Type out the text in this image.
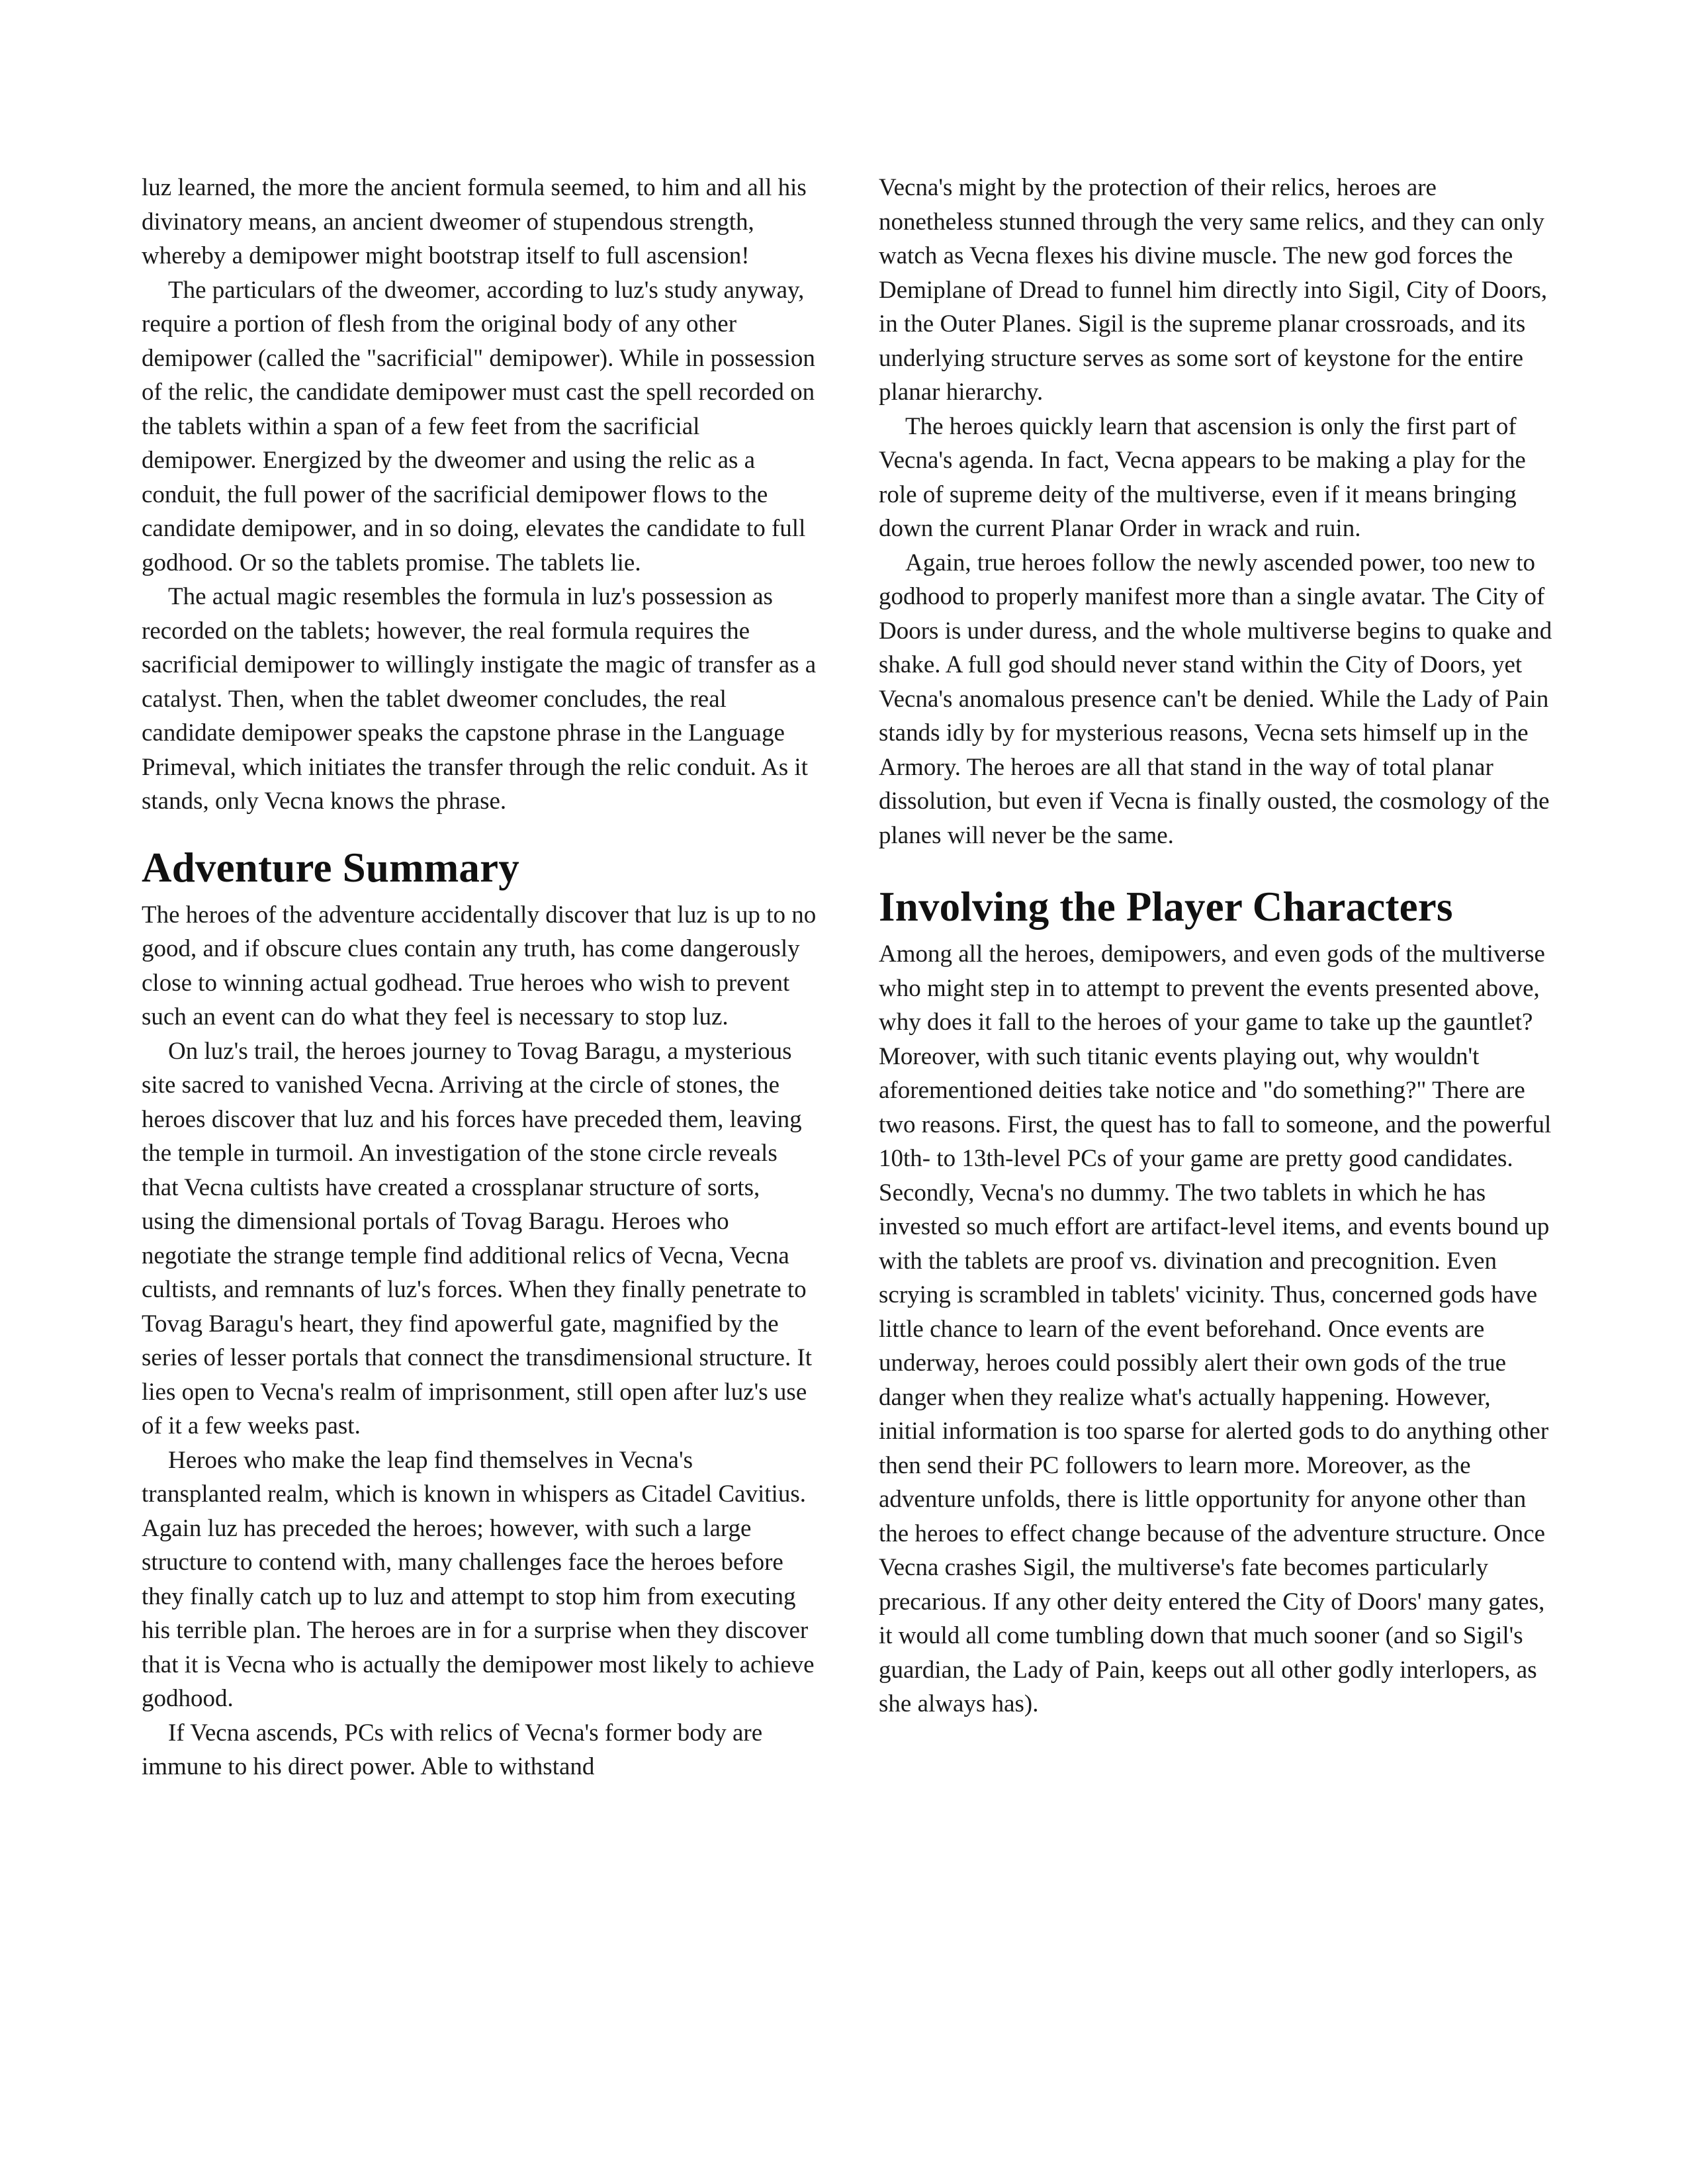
luz learned, the more the ancient formula seemed, to him and all his divinatory means, an ancient dweomer of stupendous strength, whereby a demipower might bootstrap itself to full ascension!

The particulars of the dweomer, according to luz's study anyway, require a portion of flesh from the original body of any other demipower (called the "sacrificial" demipower). While in possession of the relic, the candidate demipower must cast the spell recorded on the tablets within a span of a few feet from the sacrificial demipower. Energized by the dweomer and using the relic as a conduit, the full power of the sacrificial demipower flows to the candidate demipower, and in so doing, elevates the candidate to full godhood. Or so the tablets promise. The tablets lie.

The actual magic resembles the formula in luz's possession as recorded on the tablets; however, the real formula requires the sacrificial demipower to willingly instigate the magic of transfer as a catalyst. Then, when the tablet dweomer concludes, the real candidate demipower speaks the capstone phrase in the Language Primeval, which initiates the transfer through the relic conduit. As it stands, only Vecna knows the phrase.

Adventure Summary

The heroes of the adventure accidentally discover that luz is up to no good, and if obscure clues contain any truth, has come dangerously close to winning actual godhead. True heroes who wish to prevent such an event can do what they feel is necessary to stop luz.

On luz's trail, the heroes journey to Tovag Baragu, a mysterious site sacred to vanished Vecna. Arriving at the circle of stones, the heroes discover that luz and his forces have preceded them, leaving the temple in turmoil. An investigation of the stone circle reveals that Vecna cultists have created a crossplanar structure of sorts, using the dimensional portals of Tovag Baragu. Heroes who negotiate the strange temple find additional relics of Vecna, Vecna cultists, and remnants of luz's forces. When they finally penetrate to Tovag Baragu's heart, they find apowerful gate, magnified by the series of lesser portals that connect the transdimensional structure. It lies open to Vecna's realm of imprisonment, still open after luz's use of it a few weeks past.

Heroes who make the leap find themselves in Vecna's transplanted realm, which is known in whispers as Citadel Cavitius. Again luz has preceded the heroes; however, with such a large structure to contend with, many challenges face the heroes before they finally catch up to luz and attempt to stop him from executing his terrible plan. The heroes are in for a surprise when they discover that it is Vecna who is actually the demipower most likely to achieve godhood.

If Vecna ascends, PCs with relics of Vecna's former body are immune to his direct power. Able to withstand

Vecna's might by the protection of their relics, heroes are nonetheless stunned through the very same relics, and they can only watch as Vecna flexes his divine muscle. The new god forces the Demiplane of Dread to funnel him directly into Sigil, City of Doors, in the Outer Planes. Sigil is the supreme planar crossroads, and its underlying structure serves as some sort of keystone for the entire planar hierarchy.

The heroes quickly learn that ascension is only the first part of Vecna's agenda. In fact, Vecna appears to be making a play for the role of supreme deity of the multiverse, even if it means bringing down the current Planar Order in wrack and ruin.

Again, true heroes follow the newly ascended power, too new to godhood to properly manifest more than a single avatar. The City of Doors is under duress, and the whole multiverse begins to quake and shake. A full god should never stand within the City of Doors, yet Vecna's anomalous presence can't be denied. While the Lady of Pain stands idly by for mysterious reasons, Vecna sets himself up in the Armory. The heroes are all that stand in the way of total planar dissolution, but even if Vecna is finally ousted, the cosmology of the planes will never be the same.

Involving the Player Characters

Among all the heroes, demipowers, and even gods of the multiverse who might step in to attempt to prevent the events presented above, why does it fall to the heroes of your game to take up the gauntlet? Moreover, with such titanic events playing out, why wouldn't aforementioned deities take notice and "do something?" There are two reasons. First, the quest has to fall to someone, and the powerful 10th- to 13th-level PCs of your game are pretty good candidates. Secondly, Vecna's no dummy. The two tablets in which he has invested so much effort are artifact-level items, and events bound up with the tablets are proof vs. divination and precognition. Even scrying is scrambled in tablets' vicinity. Thus, concerned gods have little chance to learn of the event beforehand. Once events are underway, heroes could possibly alert their own gods of the true danger when they realize what's actually happening. However, initial information is too sparse for alerted gods to do anything other then send their PC followers to learn more. Moreover, as the adventure unfolds, there is little opportunity for anyone other than the heroes to effect change because of the adventure structure. Once Vecna crashes Sigil, the multiverse's fate becomes particularly precarious. If any other deity entered the City of Doors' many gates, it would all come tumbling down that much sooner (and so Sigil's guardian, the Lady of Pain, keeps out all other godly interlopers, as she always has).
